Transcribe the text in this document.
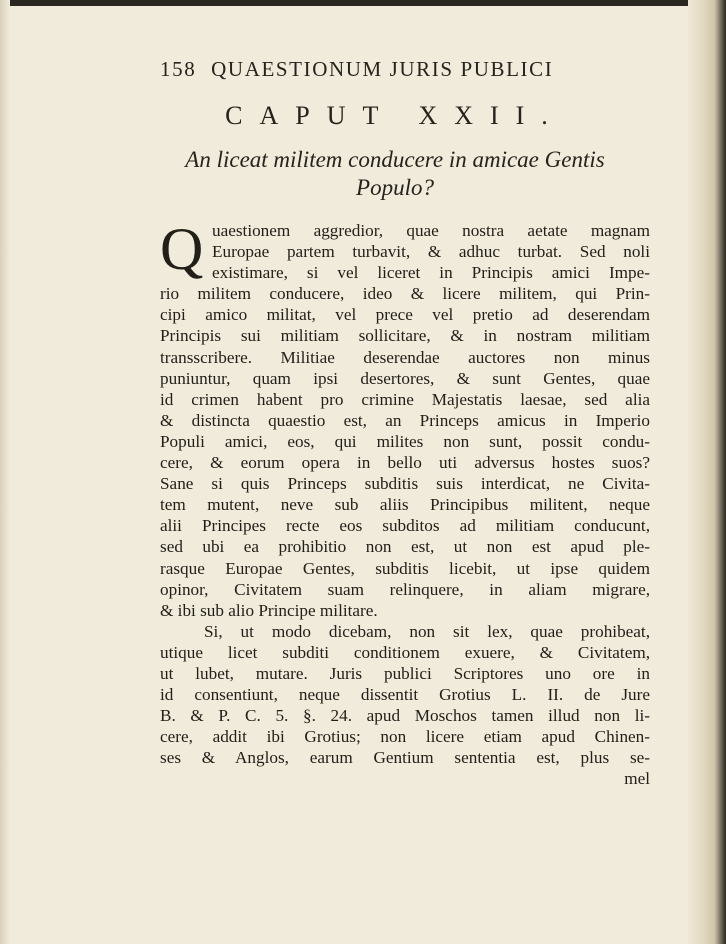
158 QUAESTIONUM JURIS PUBLICI
CAPUT XXII.
An liceat militem conducere in amicae Gentis
Populo?
Q uaestionem aggredior, quae nostra aetate magnam
Europae partem turbavit, & adhuc turbat. Sed noli
existimare, si vel liceret in Principis amici Impe-
rio militem conducere, ideo & licere militem, qui Prin-
cipi amico militat, vel prece vel pretio ad deserendam
Principis sui militiam sollicitare, & in nostram militiam
transscribere. Militiae deserendae auctores non minus
puniuntur, quam ipsi desertores, & sunt Gentes, quae
id crimen habent pro crimine Majestatis laesae, sed alia
& distincta quaestio est, an Princeps amicus in Imperio
Populi amici, eos, qui milites non sunt, possit condu-
cere, & eorum opera in bello uti adversus hostes suos?
Sane si quis Princeps subditis suis interdicat, ne Civita-
tem mutent, neve sub aliis Principibus militent, neque
alii Principes recte eos subditos ad militiam conducunt,
sed ubi ea prohibitio non est, ut non est apud ple-
rasque Europae Gentes, subditis licebit, ut ipse quidem
opinor, Civitatem suam relinquere, in aliam migrare,
& ibi sub alio Principe militare.
Si, ut modo dicebam, non sit lex, quae prohibeat,
utique licet subditi conditionem exuere, & Civitatem,
ut lubet, mutare. Juris publici Scriptores uno ore in
id consentiunt, neque dissentit Grotius L. II. de Jure
B. & P. C. 5. §. 24. apud Moschos tamen illud non li-
cere, addit ibi Grotius; non licere etiam apud Chinen-
ses & Anglos, earum Gentium sententia est, plus se-
mel
